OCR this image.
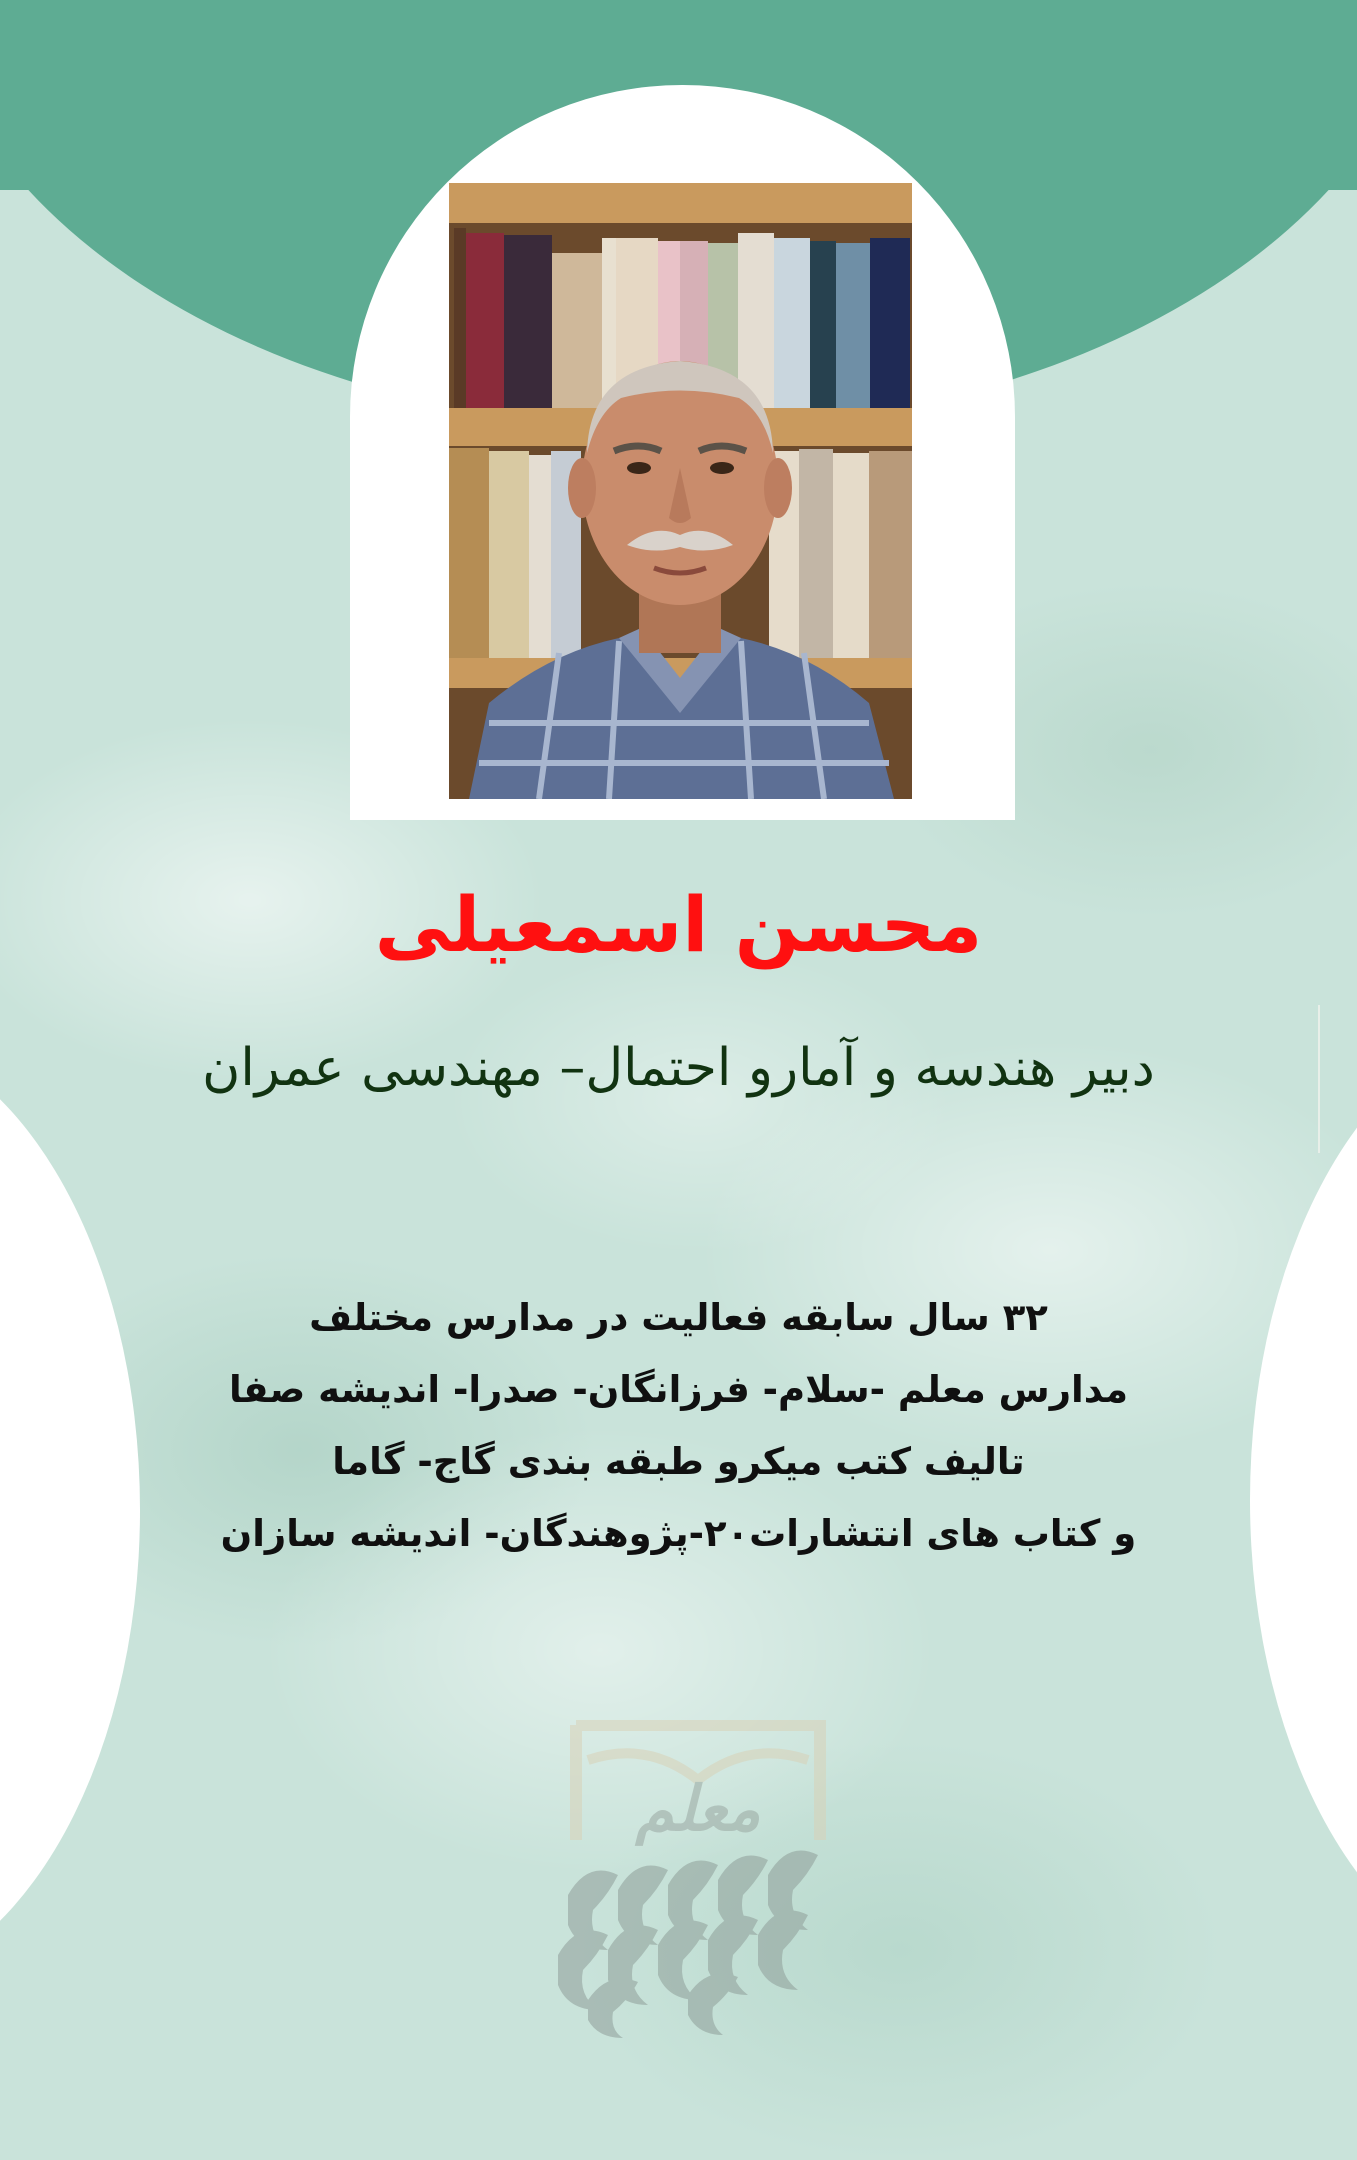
محسن اسمعیلی
دبیر هندسه و آمارو احتمال– مهندسی عمران
۳۲ سال سابقه فعالیت در مدارس مختلف
مدارس معلم -سلام- فرزانگان- صدرا- اندیشه صفا
تالیف کتب میکرو طبقه بندی گاج- گاما
و کتاب های انتشارات۲۰-پژوهندگان- اندیشه سازان
معلم
